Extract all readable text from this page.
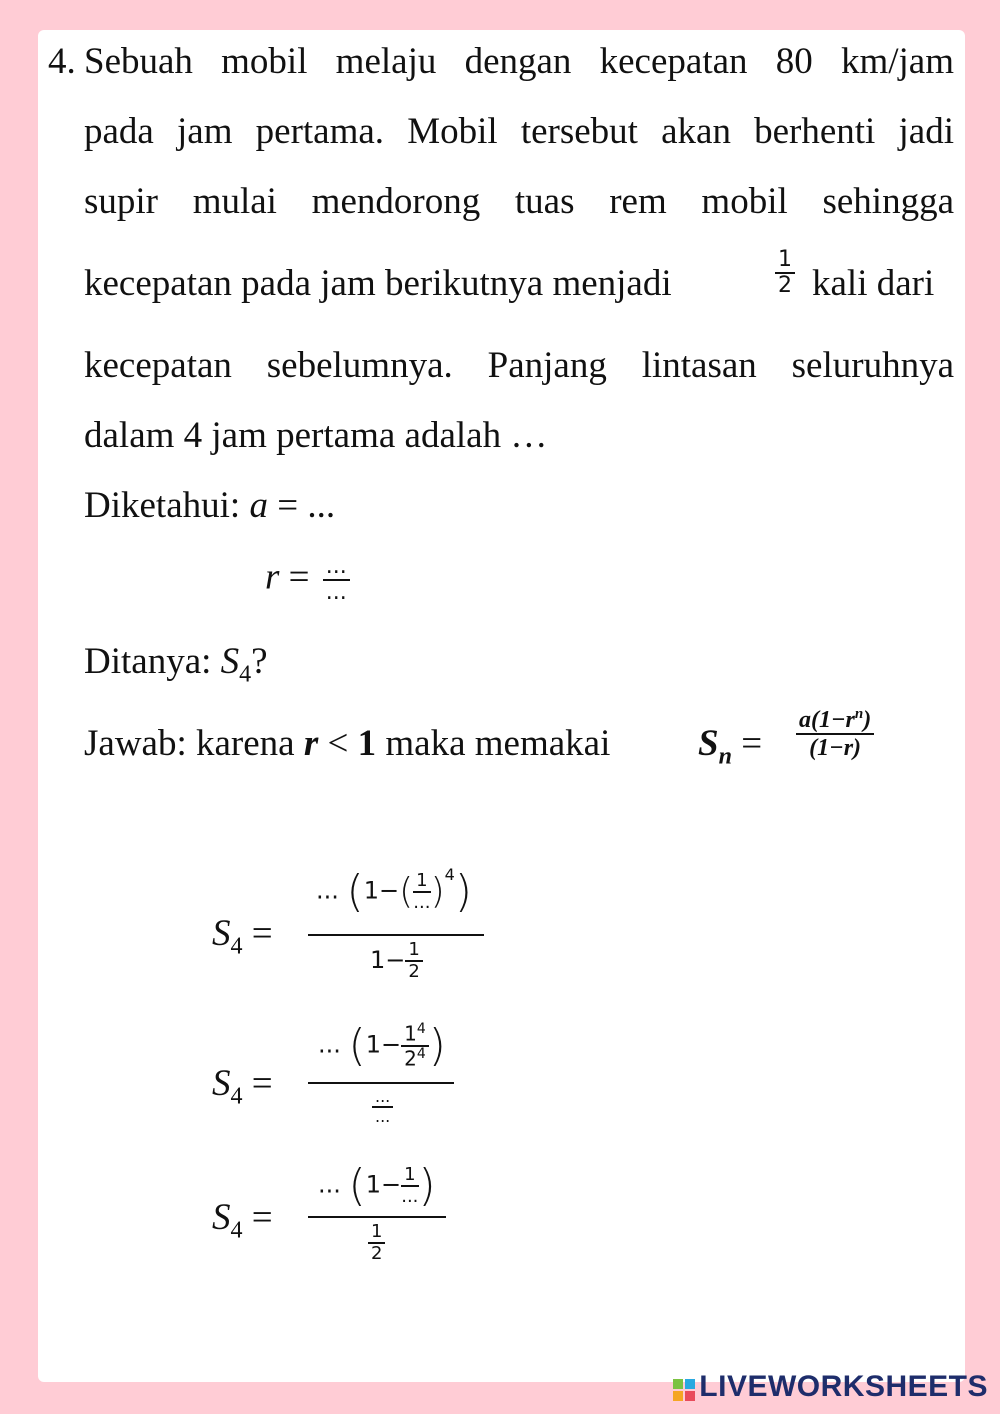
4. Sebuah mobil melaju dengan kecepatan 80 km/jam
pada jam pertama. Mobil tersebut akan berhenti jadi
supir mulai mendorong tuas rem mobil sehingga
kecepatan pada jam berikutnya menjadi	$\frac{1}{2}$ kali dari
kecepatan sebelumnya. Panjang lintasan seluruhnya
dalam 4 jam pertama adalah …
Diketahui: a = ...
$r = \frac{...}{...}$
Ditanya: $S_4$?
Jawab: karena r < 1 maka memakai $S_n = \frac{a(1-r^n)}{(1-r)}$
$S_4$ =
... $(1-( \frac{1}{...} )^4)$
$1- \frac{1}{2}$
$S_4$ =
... ($1- \frac{1^4}{2^4}$ )
$\frac{...}{...}$
$S_4$ =
... ($1- \frac{1}{...}$ )
$\frac{1}{2}$
LIVEWORKSHEETS
